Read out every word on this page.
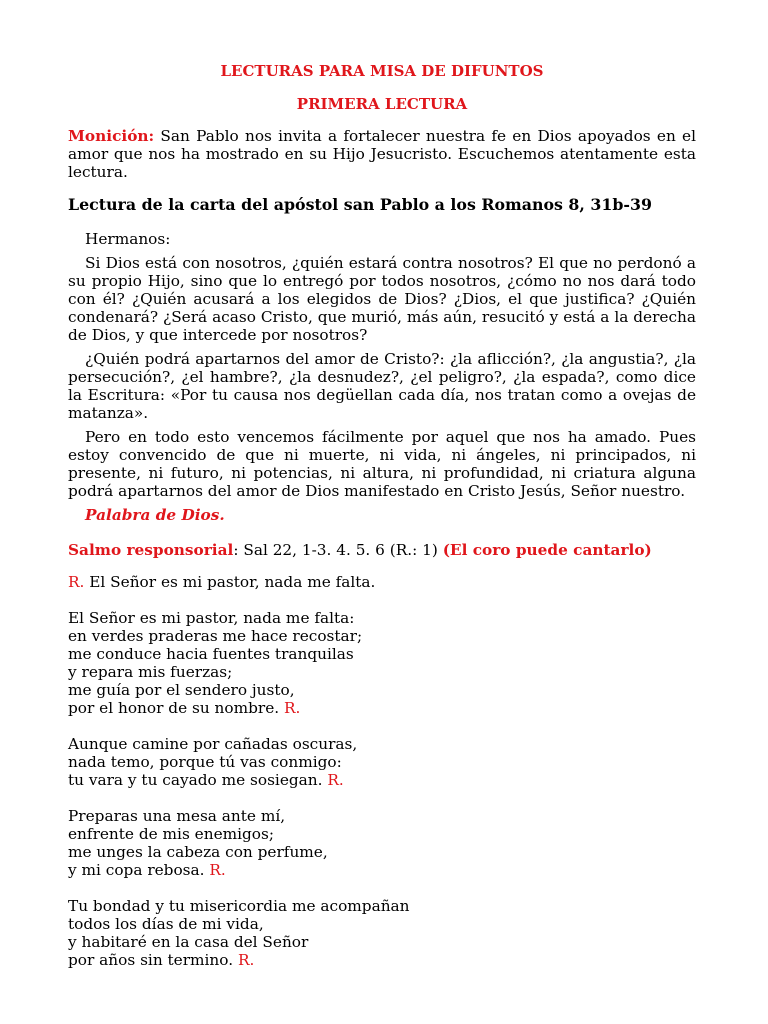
LECTURAS PARA MISA DE DIFUNTOS

PRIMERA LECTURA

Monición: San Pablo nos invita a fortalecer nuestra fe en Dios apoyados en el amor que nos ha mostrado en su Hijo Jesucristo. Escuchemos atentamente esta lectura.

Lectura de la carta del apóstol san Pablo a los Romanos 8, 31b-39

Hermanos:

Si Dios está con nosotros, ¿quién estará contra nosotros? El que no perdonó a su propio Hijo, sino que lo entregó por todos nosotros, ¿cómo no nos dará todo con él? ¿Quién acusará a los elegidos de Dios? ¿Dios, el que justifica? ¿Quién condenará? ¿Será acaso Cristo, que murió, más aún, resucitó y está a la derecha de Dios, y que intercede por nosotros?

¿Quién podrá apartarnos del amor de Cristo?: ¿la aflicción?, ¿la angustia?, ¿la persecución?, ¿el hambre?, ¿la desnudez?, ¿el peligro?, ¿la espada?, como dice la Escritura: «Por tu causa nos degüellan cada día, nos tratan como a ovejas de matanza».

Pero en todo esto vencemos fácilmente por aquel que nos ha amado. Pues estoy convencido de que ni muerte, ni vida, ni ángeles, ni principados, ni presente, ni futuro, ni potencias, ni altura, ni profundidad, ni criatura alguna podrá apartarnos del amor de Dios manifestado en Cristo Jesús, Señor nuestro.

Palabra de Dios.

Salmo responsorial: Sal 22, 1-3. 4. 5. 6 (R.: 1) (El coro puede cantarlo)

R. El Señor es mi pastor, nada me falta.

El Señor es mi pastor, nada me falta:
en verdes praderas me hace recostar;
me conduce hacia fuentes tranquilas
y repara mis fuerzas;
me guía por el sendero justo,
por el honor de su nombre. R.
Aunque camine por cañadas oscuras,
nada temo, porque tú vas conmigo:
tu vara y tu cayado me sosiegan. R.
Preparas una mesa ante mí,
enfrente de mis enemigos;
me unges la cabeza con perfume,
y mi copa rebosa. R.
Tu bondad y tu misericordia me acompañan
todos los días de mi vida,
y habitaré en la casa del Señor
por años sin termino. R.
